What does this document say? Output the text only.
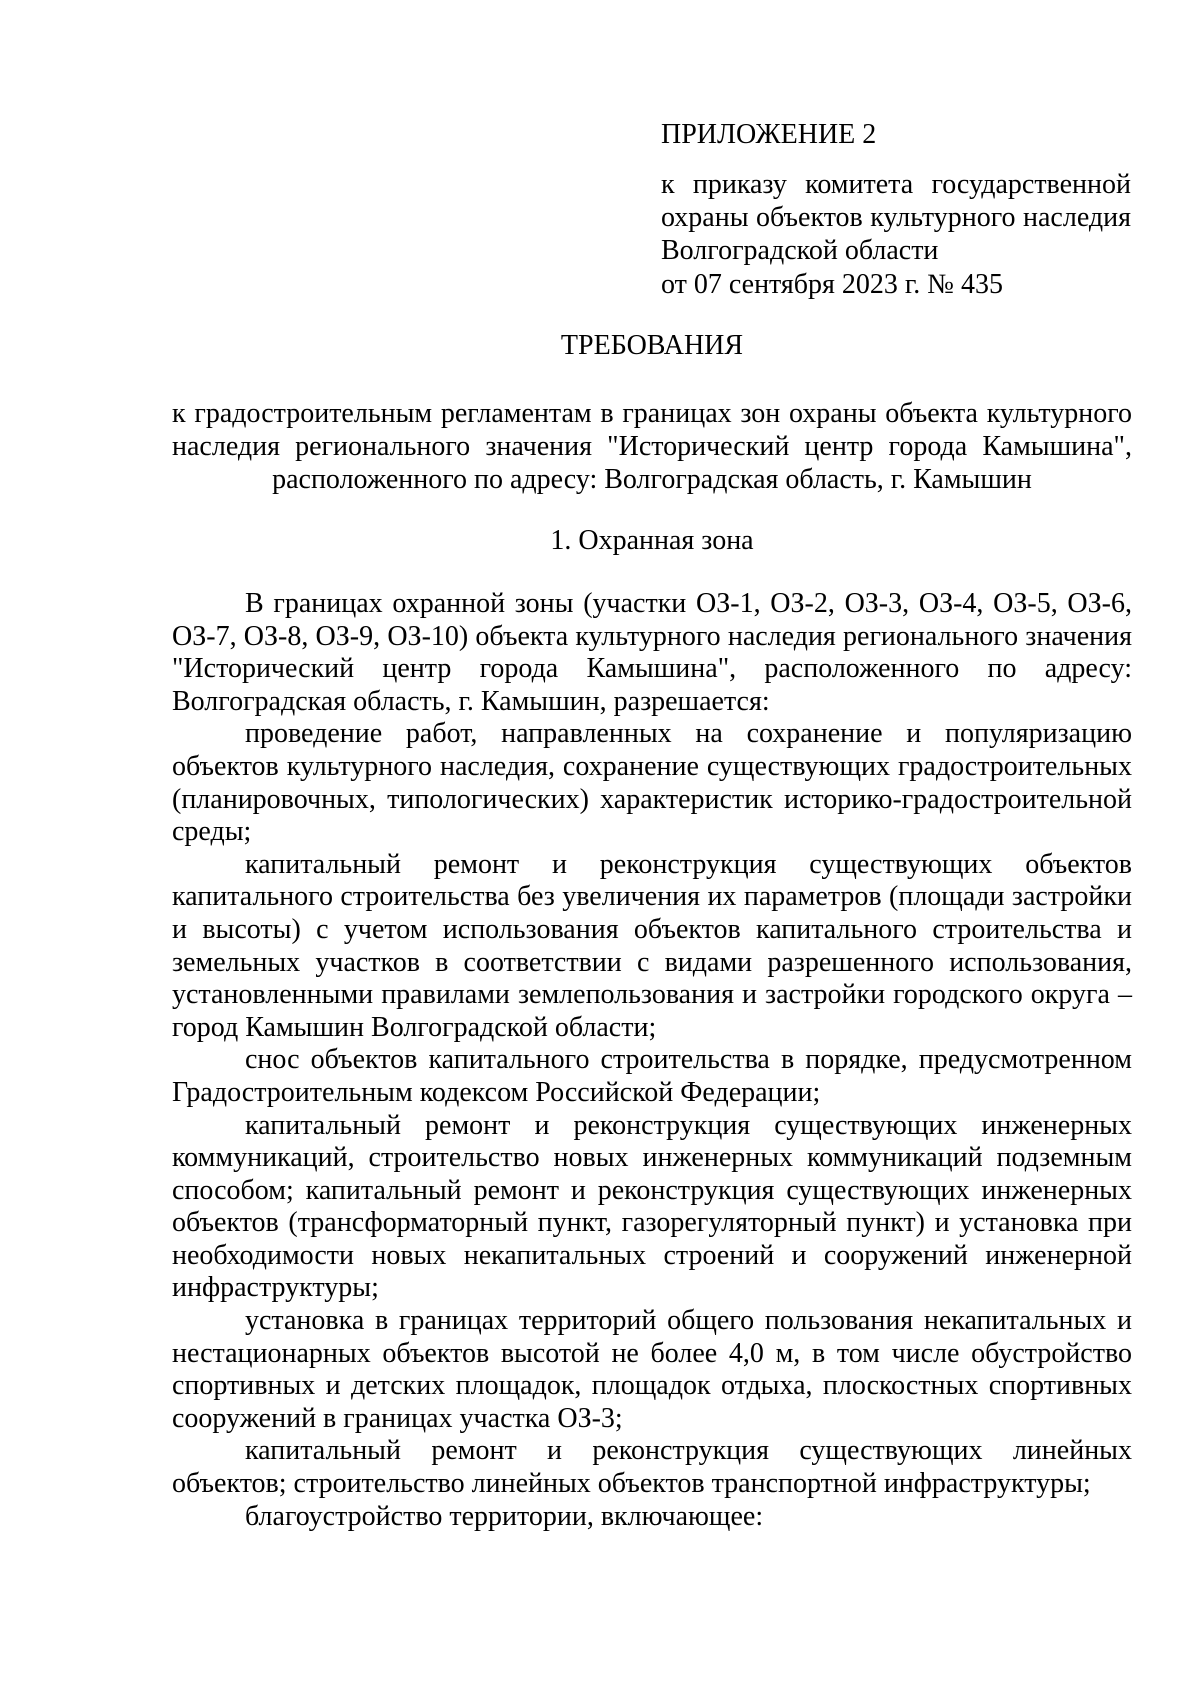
ПРИЛОЖЕНИЕ 2
к приказу комитета государственной охраны объектов культурного наследия Волгоградской области
от 07 сентября 2023 г. № 435
ТРЕБОВАНИЯ
к градостроительным регламентам в границах зон охраны объекта культурного
наследия регионального значения "Исторический центр города Камышина",
расположенного по адресу: Волгоградская область, г. Камышин
1. Охранная зона

В границах охранной зоны (участки ОЗ-1, ОЗ-2, ОЗ-3, ОЗ-4, ОЗ-5, ОЗ-6, ОЗ-7, ОЗ-8, ОЗ-9, ОЗ-10) объекта культурного наследия регионального значения "Исторический центр города Камышина", расположенного по адресу: Волгоградская область, г. Камышин, разрешается:

проведение работ, направленных на сохранение и популяризацию объектов культурного наследия, сохранение существующих градостроительных (планировочных, типологических) характеристик историко-градостроительной среды;

капитальный ремонт и реконструкция существующих объектов капитального строительства без увеличения их параметров (площади застройки и высоты) с учетом использования объектов капитального строительства и земельных участков в соответствии с видами разрешенного использования, установленными правилами землепользования и застройки городского округа – город Камышин Волгоградской области;

снос объектов капитального строительства в порядке, предусмотренном Градостроительным кодексом Российской Федерации;

капитальный ремонт и реконструкция существующих инженерных коммуникаций, строительство новых инженерных коммуникаций подземным способом; капитальный ремонт и реконструкция существующих инженерных объектов (трансформаторный пункт, газорегуляторный пункт) и установка при необходимости новых некапитальных строений и сооружений инженерной инфраструктуры;

установка в границах территорий общего пользования некапитальных и нестационарных объектов высотой не более 4,0 м, в том числе обустройство спортивных и детских площадок, площадок отдыха, плоскостных спортивных сооружений в границах участка ОЗ-3;

капитальный ремонт и реконструкция существующих линейных объектов; строительство линейных объектов транспортной инфраструктуры;

благоустройство территории, включающее:
